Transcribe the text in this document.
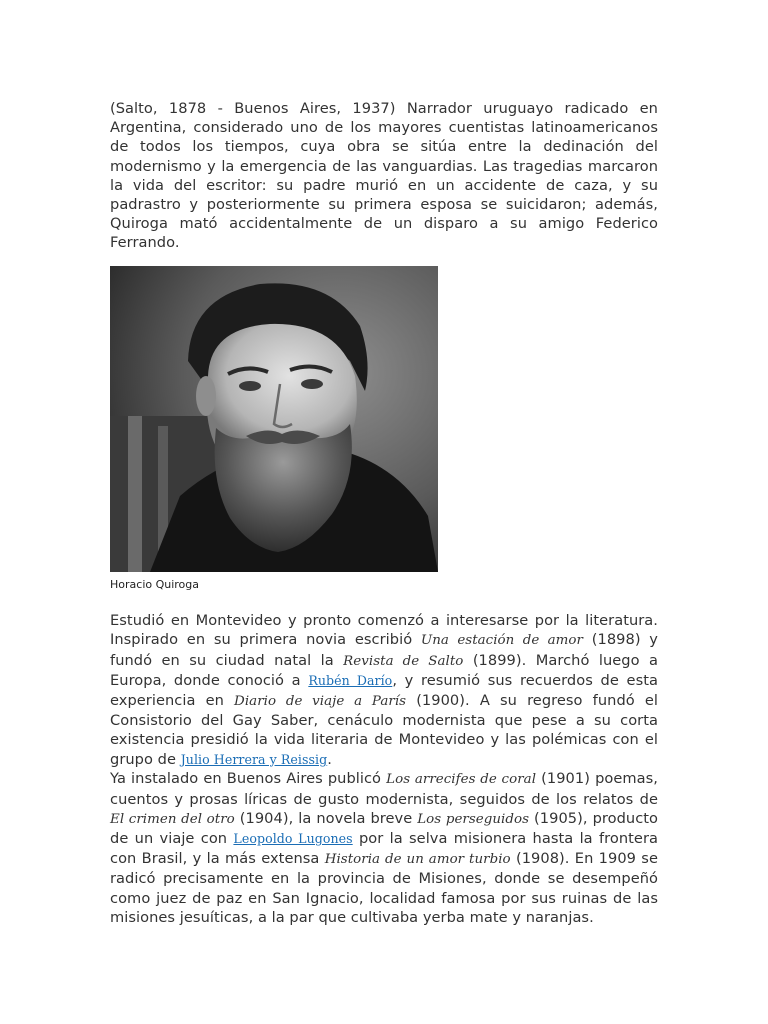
(Salto, 1878 - Buenos Aires, 1937) Narrador uruguayo radicado en Argentina, considerado uno de los mayores cuentistas latinoamericanos de todos los tiempos, cuya obra se sitúa entre la dedinación del modernismo y la emergencia de las vanguardias. Las tragedias marcaron la vida del escritor: su padre murió en un accidente de caza, y su padrastro y posteriormente su primera esposa se suicidaron; además, Quiroga mató accidentalmente de un disparo a su amigo Federico Ferrando.

Horacio Quiroga

Estudió en Montevideo y pronto comenzó a interesarse por la literatura. Inspirado en su primera novia escribió Una estación de amor (1898) y fundó en su ciudad natal la Revista de Salto (1899). Marchó luego a Europa, donde conoció a Rubén Darío, y resumió sus recuerdos de esta experiencia en Diario de viaje a París (1900). A su regreso fundó el Consistorio del Gay Saber, cenáculo modernista que pese a su corta existencia presidió la vida literaria de Montevideo y las polémicas con el grupo de Julio Herrera y Reissig.

Ya instalado en Buenos Aires publicó Los arrecifes de coral (1901) poemas, cuentos y prosas líricas de gusto modernista, seguidos de los relatos de El crimen del otro (1904), la novela breve Los perseguidos (1905), producto de un viaje con Leopoldo Lugones por la selva misionera hasta la frontera con Brasil, y la más extensa Historia de un amor turbio (1908). En 1909 se radicó precisamente en la provincia de Misiones, donde se desempeñó como juez de paz en San Ignacio, localidad famosa por sus ruinas de las misiones jesuíticas, a la par que cultivaba yerba mate y naranjas.
